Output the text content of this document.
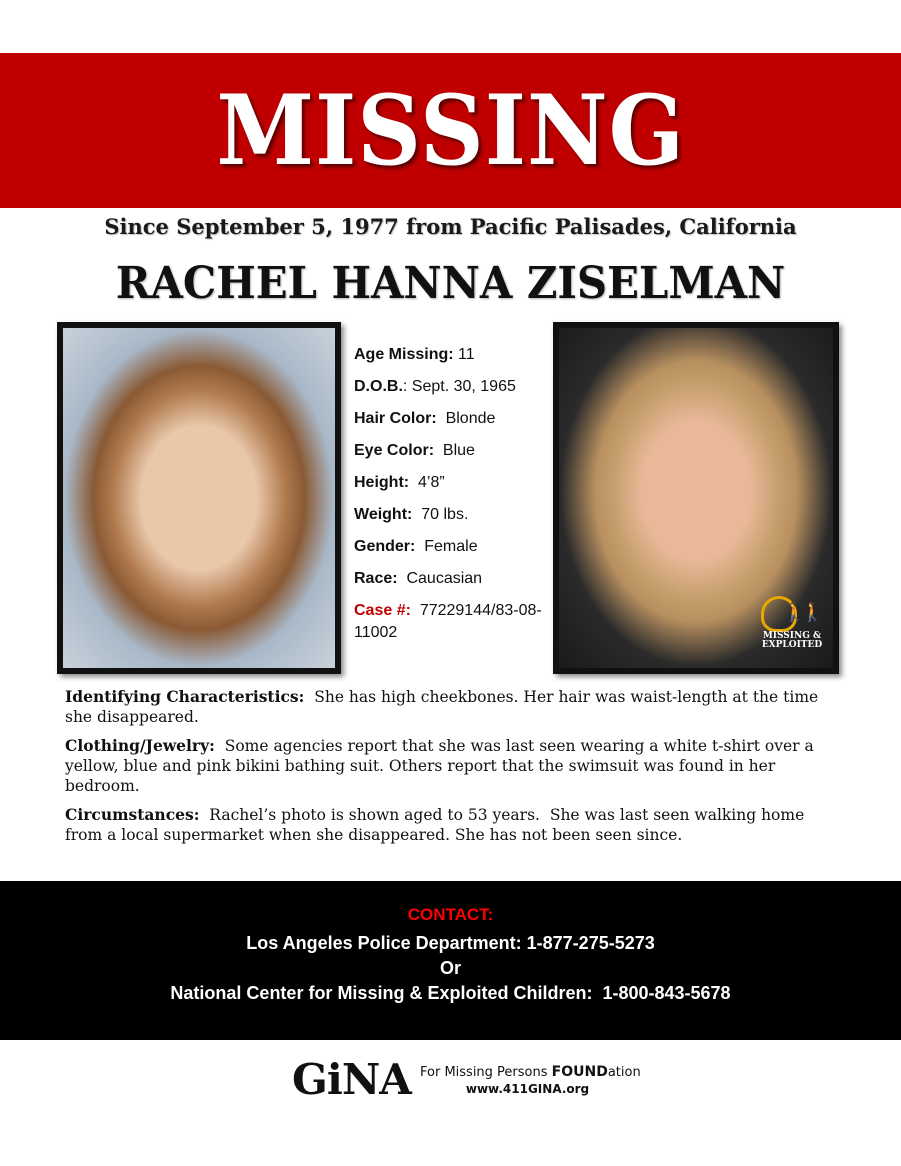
MISSING
Since September 5, 1977 from Pacific Palisades, California
RACHEL HANNA ZISELMAN
Age Missing: 11
D.O.B.: Sept. 30, 1965
Hair Color:  Blonde
Eye Color:  Blue
Height:  4’8”
Weight:  70 lbs.
Gender:  Female
Race:  Caucasian
Case #:  77229144/83-08-11002
🚶🚶
MISSING &
EXPLOITED

Identifying Characteristics:  She has high cheekbones. Her hair was waist-length at the time she disappeared.

Clothing/Jewelry:  Some agencies report that she was last seen wearing a white t-shirt over a yellow, blue and pink bikini bathing suit. Others report that the swimsuit was found in her bedroom.

Circumstances:  Rachel’s photo is shown aged to 53 years.  She was last seen walking home from a local supermarket when she disappeared. She has not been seen since.

CONTACT:
Los Angeles Police Department: 1-877-275-5273
Or
National Center for Missing & Exploited Children:  1-800-843-5678
GiNA For Missing Persons FOUNDation
www.411GINA.org
